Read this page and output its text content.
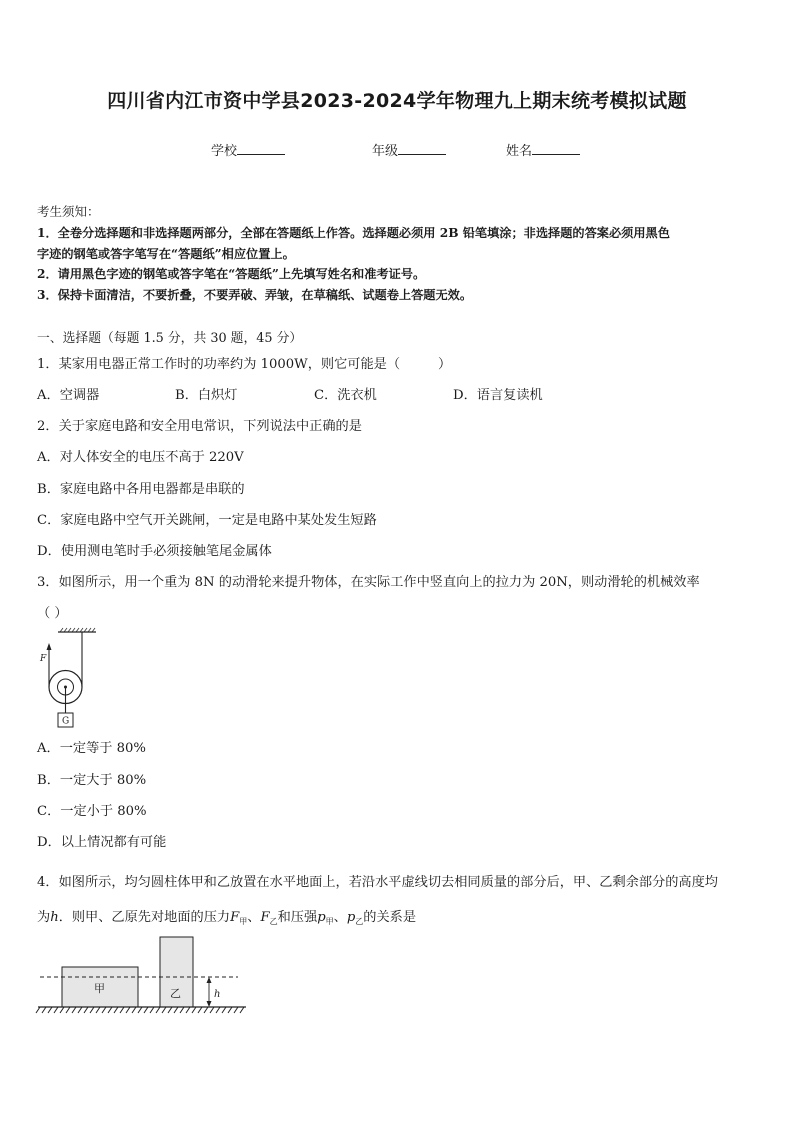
四川省内江市资中学县2023-2024学年物理九上期末统考模拟试题
学校	年级	姓名
考生须知：
1．全卷分选择题和非选择题两部分，全部在答题纸上作答。选择题必须用 2B 铅笔填涂；非选择题的答案必须用黑色
字迹的钢笔或答字笔写在“答题纸”相应位置上。
2．请用黑色字迹的钢笔或答字笔在“答题纸”上先填写姓名和准考证号。
3．保持卡面清洁，不要折叠，不要弄破、弄皱，在草稿纸、试题卷上答题无效。
一、选择题（每题 1.5 分，共 30 题，45 分）
1．某家用电器正常工作时的功率约为 1000W，则它可能是（	）
A．空调器	B．白炽灯	C．洗衣机	D．语言复读机
2．关于家庭电路和安全用电常识，下列说法中正确的是
A．对人体安全的电压不高于 220V
B．家庭电路中各用电器都是串联的
C．家庭电路中空气开关跳闸，一定是电路中某处发生短路
D．使用测电笔时手必须接触笔尾金属体
3．如图所示，用一个重为 8N 的动滑轮来提升物体，在实际工作中竖直向上的拉力为 20N，则动滑轮的机械效率
（ ）
F
G
A．一定等于 80%
B．一定大于 80%
C．一定小于 80%
D．以上情况都有可能
4．如图所示，均匀圆柱体甲和乙放置在水平地面上，若沿水平虚线切去相同质量的部分后，甲、乙剩余部分的高度均
为h．则甲、乙原先对地面的压力$F_甲$、$F_乙$和压强$p_甲$、$p_乙$的关系是
甲	乙	h
